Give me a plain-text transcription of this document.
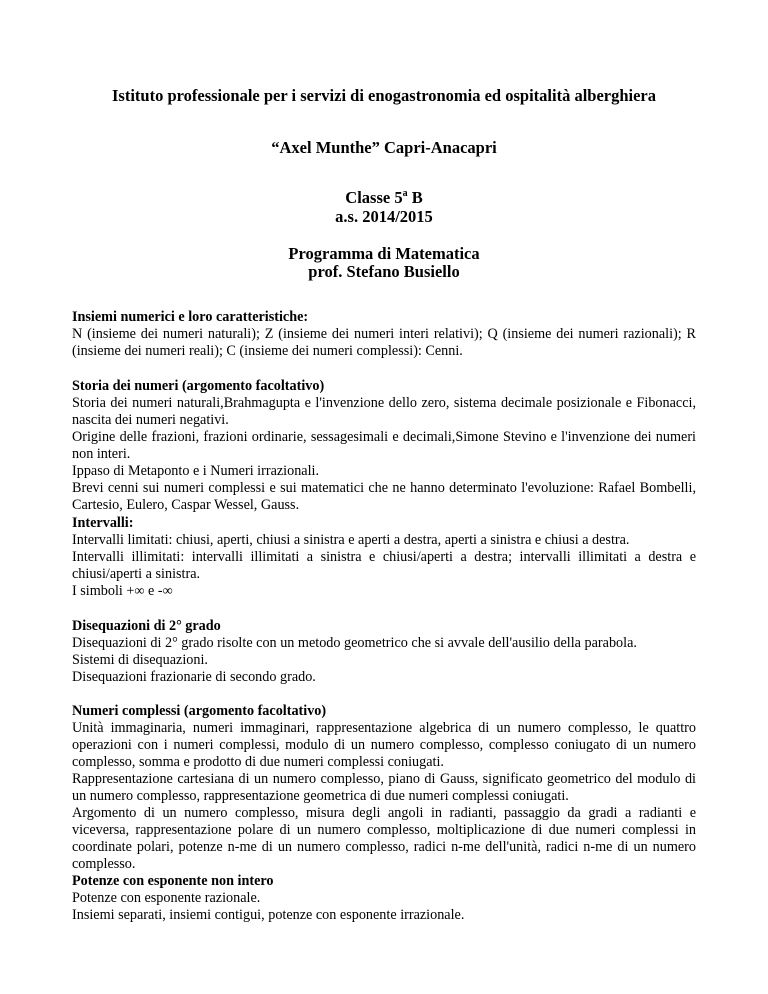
Istituto professionale per i servizi di enogastronomia ed ospitalità alberghiera
“Axel Munthe” Capri-Anacapri
Classe 5$^a$ B
a.s. 2014/2015
Programma di Matematica
prof. Stefano Busiello
Insiemi numerici e loro caratteristiche:
N (insieme dei numeri naturali); Z (insieme dei numeri interi relativi); Q (insieme dei numeri razionali); R (insieme dei numeri reali); C (insieme dei numeri complessi): Cenni.
Storia dei numeri (argomento facoltativo)
Storia dei numeri naturali,Brahmagupta e l'invenzione dello zero, sistema decimale posizionale e Fibonacci, nascita dei numeri negativi.
Origine delle frazioni, frazioni ordinarie, sessagesimali e decimali,Simone Stevino e l'invenzione dei numeri non interi.
Ippaso di Metaponto e i Numeri irrazionali.
Brevi cenni sui numeri complessi e sui matematici che ne hanno determinato l'evoluzione: Rafael Bombelli, Cartesio, Eulero, Caspar Wessel, Gauss.
Intervalli:
Intervalli limitati: chiusi, aperti, chiusi a sinistra e aperti a destra, aperti a sinistra e chiusi a destra.
Intervalli illimitati: intervalli illimitati a sinistra e chiusi/aperti a destra; intervalli illimitati a destra e chiusi/aperti a sinistra.
I simboli +∞ e -∞
Disequazioni di 2° grado
Disequazioni di 2° grado risolte con un metodo geometrico che si avvale dell'ausilio della parabola.
Sistemi di disequazioni.
Disequazioni frazionarie di secondo grado.
Numeri complessi (argomento facoltativo)
Unità immaginaria, numeri immaginari, rappresentazione algebrica di un numero complesso, le quattro operazioni con i numeri complessi, modulo di un numero complesso, complesso coniugato di un numero complesso, somma e prodotto di due numeri complessi coniugati.
Rappresentazione cartesiana di un numero complesso, piano di Gauss, significato geometrico del modulo di un numero complesso, rappresentazione geometrica di due numeri complessi coniugati.
Argomento di un numero complesso, misura degli angoli in radianti, passaggio da gradi a radianti e viceversa, rappresentazione polare di un numero complesso, moltiplicazione di due numeri complessi in coordinate polari, potenze n-me di un numero complesso, radici n-me dell'unità, radici n-me di un numero complesso.
Potenze con esponente non intero
Potenze con esponente razionale.
Insiemi separati, insiemi contigui, potenze con esponente irrazionale.
